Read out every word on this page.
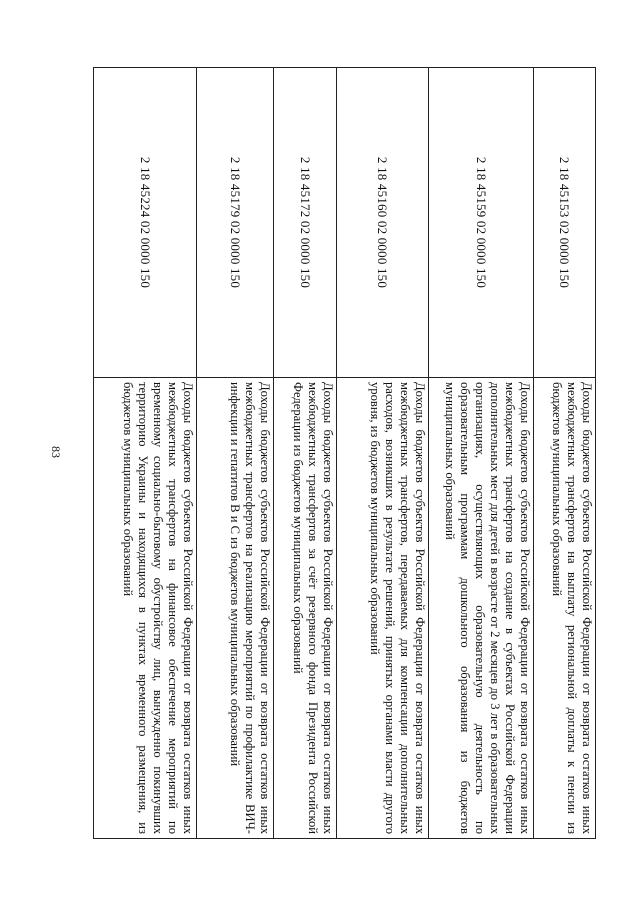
83
2 18 45153 02 0000 150
Доходы бюджетов субъектов Российской Федерации от возврата остатков иных межбюджетных трансфертов на выплату региональной доплаты к пенсии из бюджетов муниципальных образований
2 18 45159 02 0000 150
Доходы бюджетов субъектов Российской Федерации от возврата остатков иных межбюджетных трансфертов на создание в субъектах Российской Федерации дополнительных мест для детей в возрасте от 2 месяцев до 3 лет в образовательных организациях, осуществляющих образовательную деятельность по образовательным программам дошкольного образования из бюджетов муниципальных образований
2 18 45160 02 0000 150
Доходы бюджетов субъектов Российской Федерации от возврата остатков иных межбюджетных трансфертов, передаваемых для компенсации дополнительных расходов, возникших в результате решений, принятых органами власти другого уровня, из бюджетов муниципальных образований
2 18 45172 02 0000 150
Доходы бюджетов субъектов Российской Федерации от возврата остатков иных межбюджетных трансфертов за счёт резервного фонда Президента Российской Федерации из бюджетов муниципальных образований
2 18 45179 02 0000 150
Доходы бюджетов субъектов Российской Федерации от возврата остатков иных межбюджетных трансфертов на реализацию мероприятий по профилактике ВИЧ-инфекции и гепатитов В и С из бюджетов муниципальных образований
2 18 45224 02 0000 150
Доходы бюджетов субъектов Российской Федерации от возврата остатков иных межбюджетных трансфертов на финансовое обеспечение мероприятий по временному социально-бытовому обустройству лиц, вынужденно покинувших территорию Украины и находящихся в пунктах временного размещения, из бюджетов муниципальных образований
